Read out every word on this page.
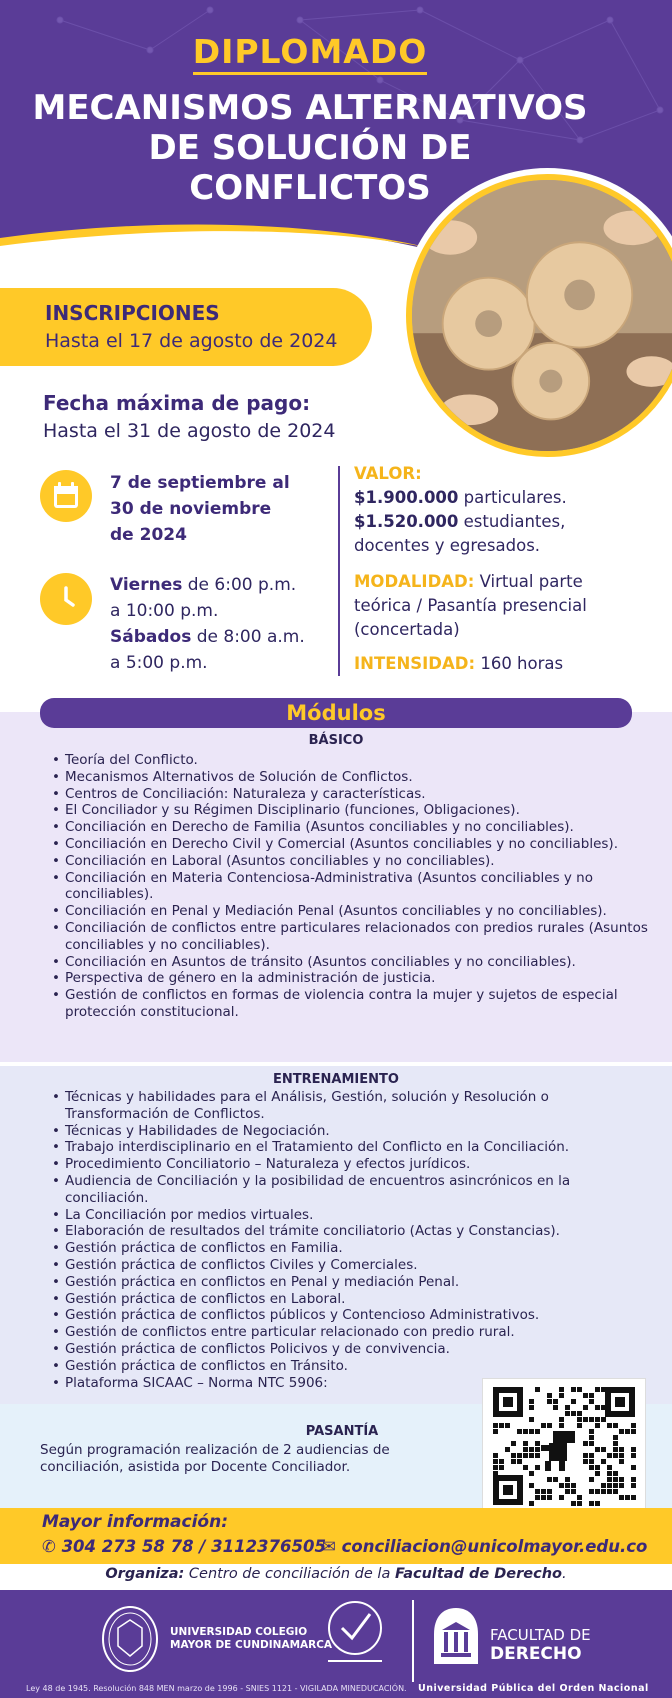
DIPLOMADO
MECANISMOS ALTERNATIVOS
DE SOLUCIÓN DE
CONFLICTOS
INSCRIPCIONES
Hasta el 17 de agosto de 2024
Fecha máxima de pago:
Hasta el 31 de agosto de 2024
7 de septiembre al
30 de noviembre
de 2024
Viernes de 6:00 p.m.
a 10:00 p.m.
Sábados de 8:00 a.m.
a 5:00 p.m.
VALOR:
$1.900.000 particulares.
$1.520.000 estudiantes,
docentes y egresados.
MODALIDAD: Virtual parte
teórica / Pasantía presencial
(concertada)
INTENSIDAD: 160 horas
Módulos
BÁSICO
• Teoría del Conflicto.
• Mecanismos Alternativos de Solución de Conflictos.
• Centros de Conciliación: Naturaleza y características.
• El Conciliador y su Régimen Disciplinario (funciones, Obligaciones).
• Conciliación en Derecho de Familia (Asuntos conciliables y no conciliables).
• Conciliación en Derecho Civil y Comercial (Asuntos conciliables y no conciliables).
• Conciliación en Laboral (Asuntos conciliables y no conciliables).
• Conciliación en Materia Contenciosa-Administrativa (Asuntos conciliables y no conciliables).
• Conciliación en Penal y Mediación Penal (Asuntos conciliables y no conciliables).
• Conciliación de conflictos entre particulares relacionados con predios rurales (Asuntos conciliables y no conciliables).
• Conciliación en Asuntos de tránsito (Asuntos conciliables y no conciliables).
• Perspectiva de género en la administración de justicia.
• Gestión de conflictos en formas de violencia contra la mujer y sujetos de especial protección constitucional.
ENTRENAMIENTO
• Técnicas y habilidades para el Análisis, Gestión, solución y Resolución o Transformación de Conflictos.
• Técnicas y Habilidades de Negociación.
• Trabajo interdisciplinario en el Tratamiento del Conflicto en la Conciliación.
• Procedimiento Conciliatorio – Naturaleza y efectos jurídicos.
• Audiencia de Conciliación y la posibilidad de encuentros asincrónicos en la conciliación.
• La Conciliación por medios virtuales.
• Elaboración de resultados del trámite conciliatorio (Actas y Constancias).
• Gestión práctica de conflictos en Familia.
• Gestión práctica de conflictos Civiles y Comerciales.
• Gestión práctica en conflictos en Penal y mediación Penal.
• Gestión práctica de conflictos en Laboral.
• Gestión práctica de conflictos públicos y Contencioso Administrativos.
• Gestión de conflictos entre particular relacionado con predio rural.
• Gestión práctica de conflictos Policivos y de convivencia.
• Gestión práctica de conflictos en Tránsito.
• Plataforma SICAAC – Norma NTC 5906:
PASANTÍA
Según programación realización de 2 audiencias de conciliación, asistida por Docente Conciliador.
Mayor información:
✆ 304 273 58 78 / 3112376505
✉ conciliacion@unicolmayor.edu.co
Organiza: Centro de conciliación de la Facultad de Derecho.
UNIVERSIDAD COLEGIO
MAYOR DE CUNDINAMARCA
FACULTAD DE
DERECHO
Ley 48 de 1945. Resolución 848 MEN marzo de 1996 - SNIES 1121 - VIGILADA MINEDUCACIÓN. Universidad Pública del Orden Nacional
